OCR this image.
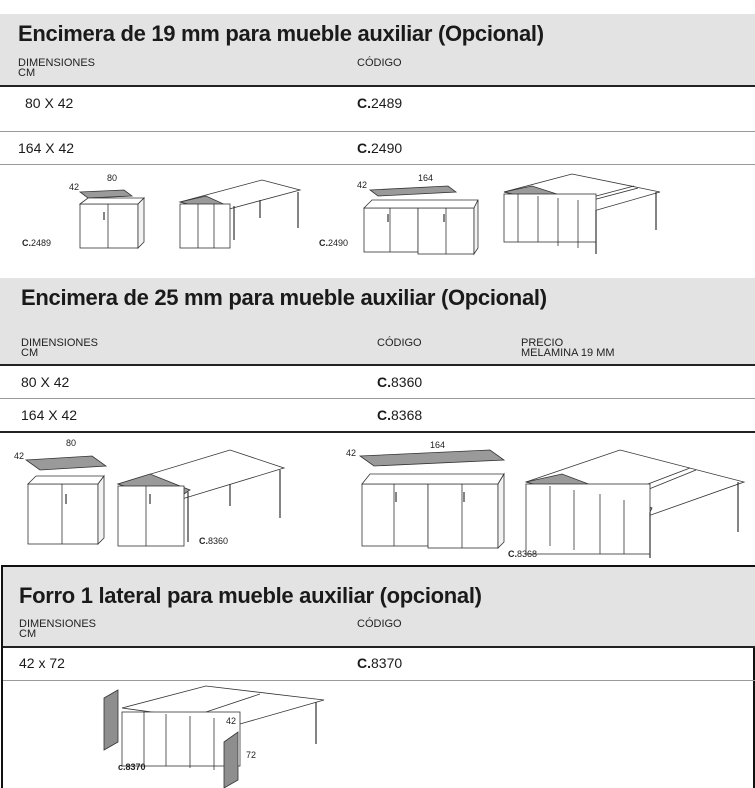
Encimera de 19 mm para mueble auxiliar (Opcional)
DIMENSIONES
CM
CÓDIGO
80 X 42	C.2489
164 X 42	C.2490
80
42
C.2489
164
42
C.2490
Encimera de 25 mm para mueble auxiliar (Opcional)
DIMENSIONES
CM
CÓDIGO	PRECIO
MELAMINA 19 MM
80 X 42	C.8360
164 X 42	C.8368
80
42
C.8360
164
42
C.8368
Forro 1 lateral para mueble auxiliar (opcional)
DIMENSIONES
CM
CÓDIGO
42 x 72	C.8370
42
72
c.8370
